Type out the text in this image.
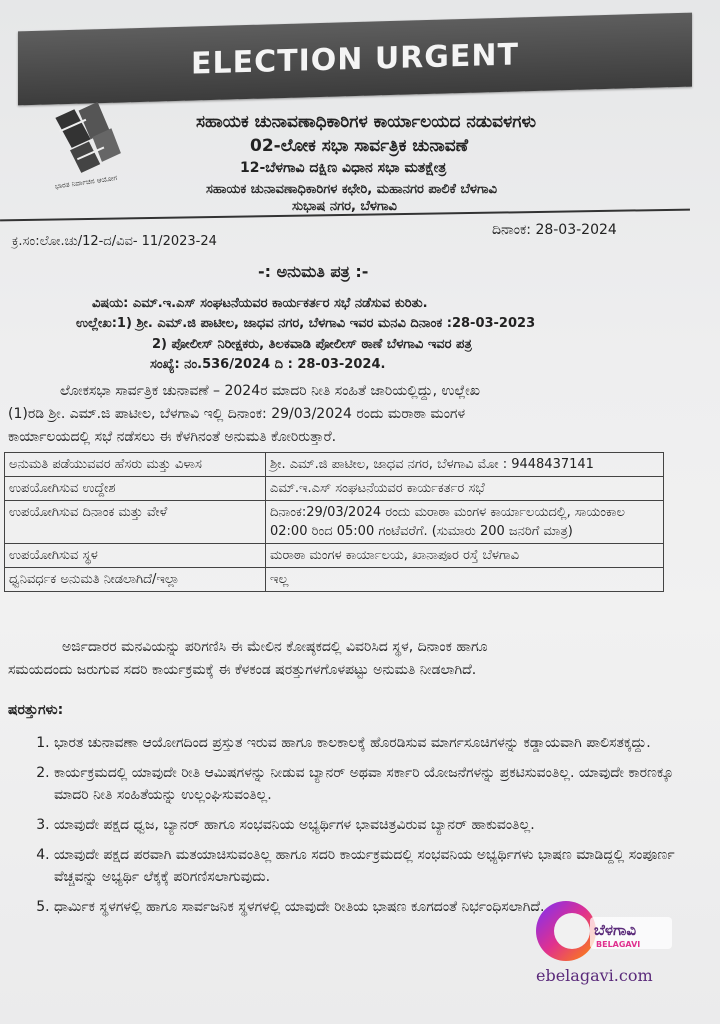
ELECTION URGENT
ಭಾರತ ನಿರ್ವಾಚನ ಆಯೋಗ
ಸಹಾಯಕ ಚುನಾವಣಾಧಿಕಾರಿಗಳ ಕಾರ್ಯಾಲಯದ ನಡುವಳಗಳು
02-ಲೋಕ ಸಭಾ ಸಾರ್ವತ್ರಿಕ ಚುನಾವಣೆ
12-ಬೆಳಗಾವಿ ದಕ್ಷಿಣ ವಿಧಾನ ಸಭಾ ಮತಕ್ಷೇತ್ರ
ಸಹಾಯಕ ಚುನಾವಣಾಧಿಕಾರಿಗಳ ಕಛೇರಿ, ಮಹಾನಗರ ಪಾಲಿಕೆ ಬೆಳಗಾವಿ
ಸುಭಾಷ ನಗರ, ಬೆಳಗಾವಿ
ದಿನಾಂಕ: 28-03-2024
ಕ್ರ.ಸಂ:ಲೋ.ಚು/12-ದ/ವಿವ- 11/2023-24
-: ಅನುಮತಿ ಪತ್ರ :-
ವಿಷಯ: ಎಮ್.ಇ.ಎಸ್ ಸಂಘಟನೆಯವರ ಕಾರ್ಯಕರ್ತರ ಸಭೆ ನಡೆಸುವ ಕುರಿತು.
ಉಲ್ಲೇಖ:1) ಶ್ರೀ. ಎಮ್.ಜಿ ಪಾಟೀಲ, ಜಾಧವ ನಗರ, ಬೆಳಗಾವಿ ಇವರ ಮನವಿ ದಿನಾಂಕ :28-03-2023
2) ಪೋಲೀಸ್ ನಿರೀಕ್ಷಕರು, ತಿಲಕವಾಡಿ ಪೋಲೀಸ್ ಠಾಣೆ ಬೆಳಗಾವಿ ಇವರ ಪತ್ರ
ಸಂಖ್ಯೆ: ನಂ.536/2024 ದಿ : 28-03-2024.
ಲೋಕಸಭಾ ಸಾರ್ವತ್ರಿಕ ಚುನಾವಣೆ – 2024ರ ಮಾದರಿ ನೀತಿ ಸಂಹಿತೆ ಜಾರಿಯಲ್ಲಿದ್ದು, ಉಲ್ಲೇಖ
(1)ರಡಿ ಶ್ರೀ. ಎಮ್.ಜಿ ಪಾಟೀಲ, ಬೆಳಗಾವಿ ಇಲ್ಲಿ ದಿನಾಂಕ: 29/03/2024 ರಂದು ಮರಾಠಾ ಮಂಗಳ
ಕಾರ್ಯಾಲಯದಲ್ಲಿ ಸಭೆ ನಡೆಸಲು ಈ ಕೆಳಗಿನಂತೆ ಅನುಮತಿ ಕೋರಿರುತ್ತಾರೆ.
ಅನುಮತಿ ಪಡೆಯುವವರ ಹೆಸರು ಮತ್ತು ವಿಳಾಸ	ಶ್ರೀ. ಎಮ್.ಜಿ ಪಾಟೀಲ, ಜಾಧವ ನಗರ, ಬೆಳಗಾವಿ ಮೋ : 9448437141
ಉಪಯೋಗಿಸುವ ಉದ್ದೇಶ	ಎಮ್.ಇ.ಎಸ್ ಸಂಘಟನೆಯವರ ಕಾರ್ಯಕರ್ತರ ಸಭೆ
ಉಪಯೋಗಿಸುವ ದಿನಾಂಕ ಮತ್ತು ವೇಳೆ	ದಿನಾಂಕ:29/03/2024 ರಂದು ಮರಾಠಾ ಮಂಗಳ ಕಾರ್ಯಾಲಯದಲ್ಲಿ, ಸಾಯಂಕಾಲ 02:00 ರಿಂದ 05:00 ಗಂಟೆವರೆಗೆ. (ಸುಮಾರು 200 ಜನರಿಗೆ ಮಾತ್ರ)
ಉಪಯೋಗಿಸುವ ಸ್ಥಳ	ಮರಾಠಾ ಮಂಗಳ ಕಾರ್ಯಾಲಯ, ಖಾನಾಪೂರ ರಸ್ತೆ ಬೆಳಗಾವಿ
ಧ್ವನಿವರ್ಧಕ ಅನುಮತಿ ನೀಡಲಾಗಿದೆ/ಇಲ್ಲಾ	ಇಲ್ಲ
ಅರ್ಜಿದಾರರ ಮನವಿಯನ್ನು ಪರಿಗಣಿಸಿ ಈ ಮೇಲಿನ ಕೋಷ್ಠಕದಲ್ಲಿ ವಿವರಿಸಿದ ಸ್ಥಳ, ದಿನಾಂಕ ಹಾಗೂ
ಸಮಯದಂದು ಜರುಗುವ ಸದರಿ ಕಾರ್ಯಕ್ರಮಕ್ಕೆ ಈ ಕೆಳಕಂಡ ಷರತ್ತುಗಳಗೊಳಪಟ್ಟು ಅನುಮತಿ ನೀಡಲಾಗಿದೆ.
ಷರತ್ತುಗಳು:
1. ಭಾರತ ಚುನಾವಣಾ ಆಯೋಗದಿಂದ ಪ್ರಸ್ತುತ ಇರುವ ಹಾಗೂ ಕಾಲಕಾಲಕ್ಕೆ ಹೊರಡಿಸುವ ಮಾರ್ಗಸೂಚಿಗಳನ್ನು ಕಡ್ಡಾಯವಾಗಿ ಪಾಲಿಸತಕ್ಕದ್ದು.
2. ಕಾರ್ಯಕ್ರಮದಲ್ಲಿ ಯಾವುದೇ ರೀತಿ ಆಮಿಷಗಳನ್ನು ನೀಡುವ ಬ್ಯಾನರ್ ಅಥವಾ ಸರ್ಕಾರಿ ಯೋಜನೆಗಳನ್ನು ಪ್ರಕಟಿಸುವಂತಿಲ್ಲ. ಯಾವುದೇ ಕಾರಣಕ್ಕೂ ಮಾದರಿ ನೀತಿ ಸಂಹಿತೆಯನ್ನು ಉಲ್ಲಂಘಿಸುವಂತಿಲ್ಲ.
3. ಯಾವುದೇ ಪಕ್ಷದ ಧ್ವಜ, ಬ್ಯಾನರ್ ಹಾಗೂ ಸಂಭವನಿಯ ಅಭ್ಯರ್ಥಿಗಳ ಭಾವಚಿತ್ರವಿರುವ ಬ್ಯಾನರ್ ಹಾಕುವಂತಿಲ್ಲ.
4. ಯಾವುದೇ ಪಕ್ಷದ ಪರವಾಗಿ ಮತಯಾಚಿಸುವಂತಿಲ್ಲ ಹಾಗೂ ಸದರಿ ಕಾರ್ಯಕ್ರಮದಲ್ಲಿ ಸಂಭವನಿಯ ಅಭ್ಯರ್ಥಿಗಳು ಭಾಷಣ ಮಾಡಿದ್ದಲ್ಲಿ ಸಂಪೂರ್ಣ ವೆಚ್ಚವನ್ನು ಅಭ್ಯರ್ಥಿ ಲೆಕ್ಕಕ್ಕೆ ಪರಿಗಣಿಸಲಾಗುವುದು.
5. ಧಾರ್ಮಿಕ ಸ್ಥಳಗಳಲ್ಲಿ ಹಾಗೂ ಸಾರ್ವಜನಿಕ ಸ್ಥಳಗಳಲ್ಲಿ ಯಾವುದೇ ರೀತಿಯ ಭಾಷಣ ಕೂಗದಂತೆ ನಿರ್ಭಂಧಿಸಲಾಗಿದೆ.
ಬೆಳಗಾವಿ
BELAGAVI
ebelagavi.com
